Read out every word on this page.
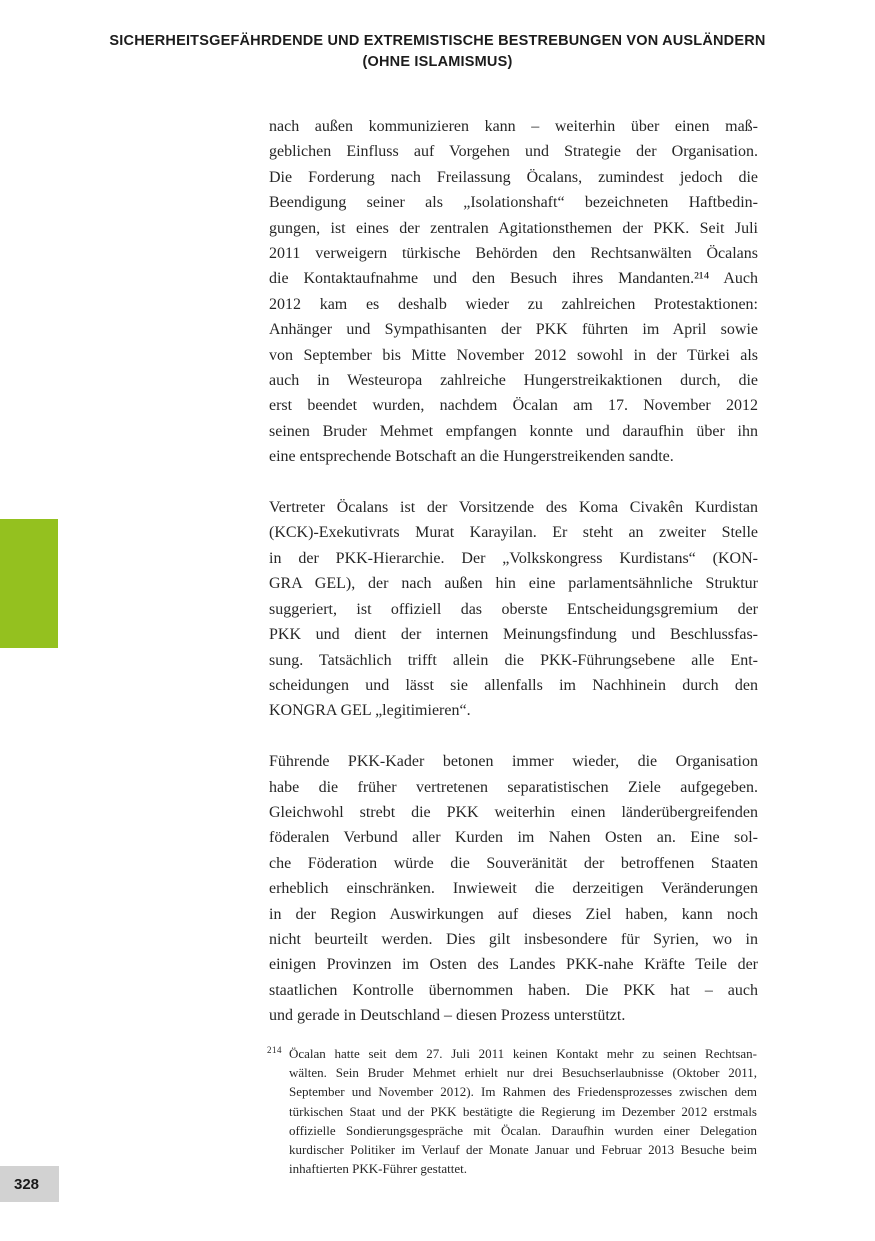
SICHERHEITSGEFÄHRDENDE UND EXTREMISTISCHE BESTREBUNGEN VON AUSLÄNDERN
(OHNE ISLAMISMUS)
nach außen kommunizieren kann – weiterhin über einen maß-
geblichen Einfluss auf Vorgehen und Strategie der Organisation.
Die Forderung nach Freilassung Öcalans, zumindest jedoch die
Beendigung seiner als „Isolationshaft“ bezeichneten Haftbedin-
gungen, ist eines der zentralen Agitationsthemen der PKK. Seit Juli
2011 verweigern türkische Behörden den Rechtsanwälten Öcalans
die Kontaktaufnahme und den Besuch ihres Mandanten.²¹⁴ Auch
2012 kam es deshalb wieder zu zahlreichen Protestaktionen:
Anhänger und Sympathisanten der PKK führten im April sowie
von September bis Mitte November 2012 sowohl in der Türkei als
auch in Westeuropa zahlreiche Hungerstreikaktionen durch, die
erst beendet wurden, nachdem Öcalan am 17. November 2012
seinen Bruder Mehmet empfangen konnte und daraufhin über ihn
eine entsprechende Botschaft an die Hungerstreikenden sandte.
Vertreter Öcalans ist der Vorsitzende des Koma Civakên Kurdistan
(KCK)-Exekutivrats Murat Karayilan. Er steht an zweiter Stelle
in der PKK-Hierarchie. Der „Volkskongress Kurdistans“ (KON-
GRA GEL), der nach außen hin eine parlamentsähnliche Struktur
suggeriert, ist offiziell das oberste Entscheidungsgremium der
PKK und dient der internen Meinungsfindung und Beschlussfas-
sung. Tatsächlich trifft allein die PKK-Führungsebene alle Ent-
scheidungen und lässt sie allenfalls im Nachhinein durch den
KONGRA GEL „legitimieren“.
Führende PKK-Kader betonen immer wieder, die Organisation
habe die früher vertretenen separatistischen Ziele aufgegeben.
Gleichwohl strebt die PKK weiterhin einen länderübergreifenden
föderalen Verbund aller Kurden im Nahen Osten an. Eine sol-
che Föderation würde die Souveränität der betroffenen Staaten
erheblich einschränken. Inwieweit die derzeitigen Veränderungen
in der Region Auswirkungen auf dieses Ziel haben, kann noch
nicht beurteilt werden. Dies gilt insbesondere für Syrien, wo in
einigen Provinzen im Osten des Landes PKK-nahe Kräfte Teile der
staatlichen Kontrolle übernommen haben. Die PKK hat – auch
und gerade in Deutschland – diesen Prozess unterstützt.
$^{214}$ Öcalan hatte seit dem 27. Juli 2011 keinen Kontakt mehr zu seinen Rechtsan-
wälten. Sein Bruder Mehmet erhielt nur drei Besuchserlaubnisse (Oktober 2011,
September und November 2012). Im Rahmen des Friedensprozesses zwischen dem
türkischen Staat und der PKK bestätigte die Regierung im Dezember 2012 erstmals
offizielle Sondierungsgespräche mit Öcalan. Daraufhin wurden einer Delegation
kurdischer Politiker im Verlauf der Monate Januar und Februar 2013 Besuche beim
inhaftierten PKK-Führer gestattet.
328
